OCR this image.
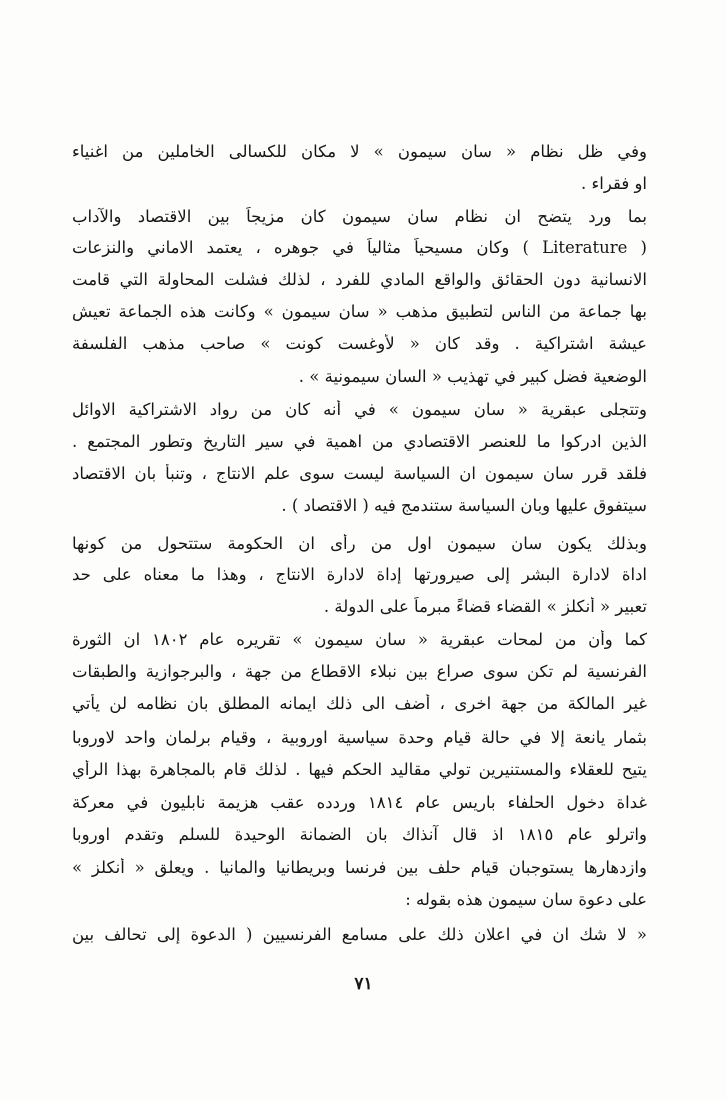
وفي ظل نظام « سان سيمون » لا مكان للكسالى الخاملين من اغنياء
او فقراء .
بما ورد يتضح ان نظام سان سيمون كان مزيجاً بين الاقتصاد والآداب
( Literature ) وكان مسيحياً مثالياً في جوهره ، يعتمد الاماني والنزعات
الانسانية دون الحقائق والواقع المادي للفرد ، لذلك فشلت المحاولة التي قامت
بها جماعة من الناس لتطبيق مذهب « سان سيمون » وكانت هذه الجماعة تعيش
عيشة اشتراكية . وقد كان « لأوغست كونت » صاحب مذهب الفلسفة
الوضعية فضل كبير في تهذيب « السان سيمونية » .
وتتجلى عبقرية « سان سيمون » في أنه كان من رواد الاشتراكية الاوائل
الذين ادركوا ما للعنصر الاقتصادي من اهمية في سير التاريخ وتطور المجتمع .
فلقد قرر سان سيمون ان السياسة ليست سوى علم الانتاج ، وتنبأ بان الاقتصاد
سيتفوق عليها وبان السياسة ستندمج فيه ( الاقتصاد ) .
وبذلك يكون سان سيمون اول من رأى ان الحكومة ستتحول من كونها
اداة لادارة البشر إلى صيرورتها إداة لادارة الانتاج ، وهذا ما معناه على حد
تعبير « أنكلز » القضاء قضاءً مبرماً على الدولة .
كما وأن من لمحات عبقرية « سان سيمون » تقريره عام ١٨٠٢ ان الثورة
الفرنسية لم تكن سوى صراع بين نبلاء الاقطاع من جهة ، والبرجوازية والطبقات
غير المالكة من جهة اخرى ، أضف الى ذلك ايمانه المطلق بان نظامه لن يأتي
بثمار يانعة إلا في حالة قيام وحدة سياسية اوروبية ، وقيام برلمان واحد لاوروبا
يتيح للعقلاء والمستنيرين تولي مقاليد الحكم فيها . لذلك قام بالمجاهرة بهذا الرأي
غداة دخول الحلفاء باريس عام ١٨١٤ وردده عقب هزيمة نابليون في معركة
واترلو عام ١٨١٥ اذ قال آنذاك بان الضمانة الوحيدة للسلم وتقدم اوروبا
وازدهارها يستوجبان قيام حلف بين فرنسا وبريطانيا والمانيا . ويعلق « أنكلز »
على دعوة سان سيمون هذه بقوله :
« لا شك ان في اعلان ذلك على مسامع الفرنسيين ( الدعوة إلى تحالف بين
٧١
